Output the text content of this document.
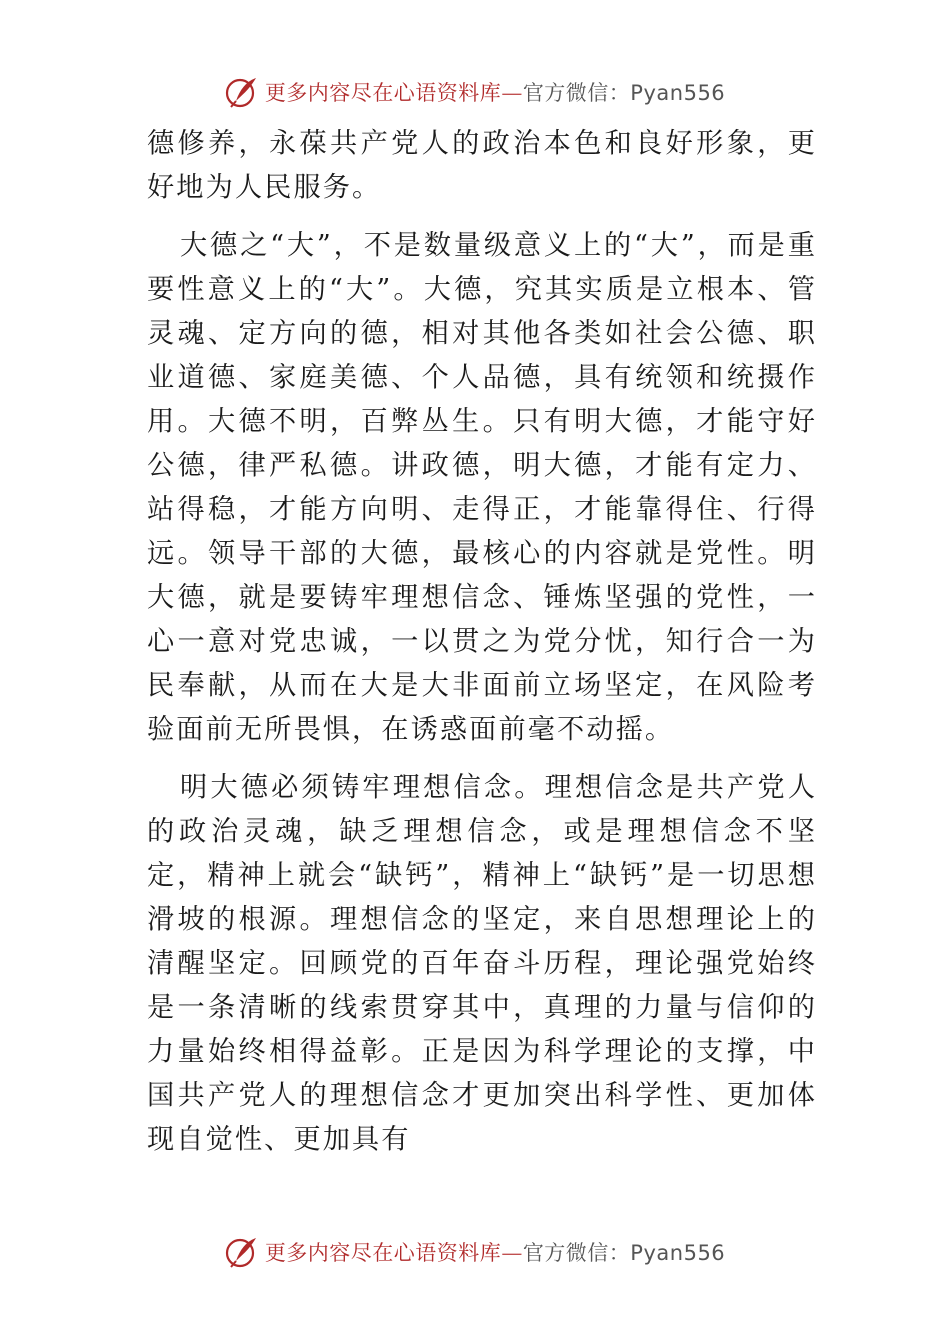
更多内容尽在心语资料库—官方微信：Pyan556

德修养，永葆共产党人的政治本色和良好形象，更好地为人民服务。

大德之“大”，不是数量级意义上的“大”，而是重要性意义上的“大”。大德，究其实质是立根本、管灵魂、定方向的德，相对其他各类如社会公德、职业道德、家庭美德、个人品德，具有统领和统摄作用。大德不明，百弊丛生。只有明大德，才能守好公德，律严私德。讲政德，明大德，才能有定力、站得稳，才能方向明、走得正，才能靠得住、行得远。领导干部的大德，最核心的内容就是党性。明大德，就是要铸牢理想信念、锤炼坚强的党性，一心一意对党忠诚，一以贯之为党分忧，知行合一为民奉献，从而在大是大非面前立场坚定，在风险考验面前无所畏惧，在诱惑面前毫不动摇。

明大德必须铸牢理想信念。理想信念是共产党人的政治灵魂，缺乏理想信念，或是理想信念不坚定，精神上就会“缺钙”，精神上“缺钙”是一切思想滑坡的根源。理想信念的坚定，来自思想理论上的清醒坚定。回顾党的百年奋斗历程，理论强党始终是一条清晰的线索贯穿其中，真理的力量与信仰的力量始终相得益彰。正是因为科学理论的支撑，中国共产党人的理想信念才更加突出科学性、更加体现自觉性、更加具有

更多内容尽在心语资料库—官方微信：Pyan556
